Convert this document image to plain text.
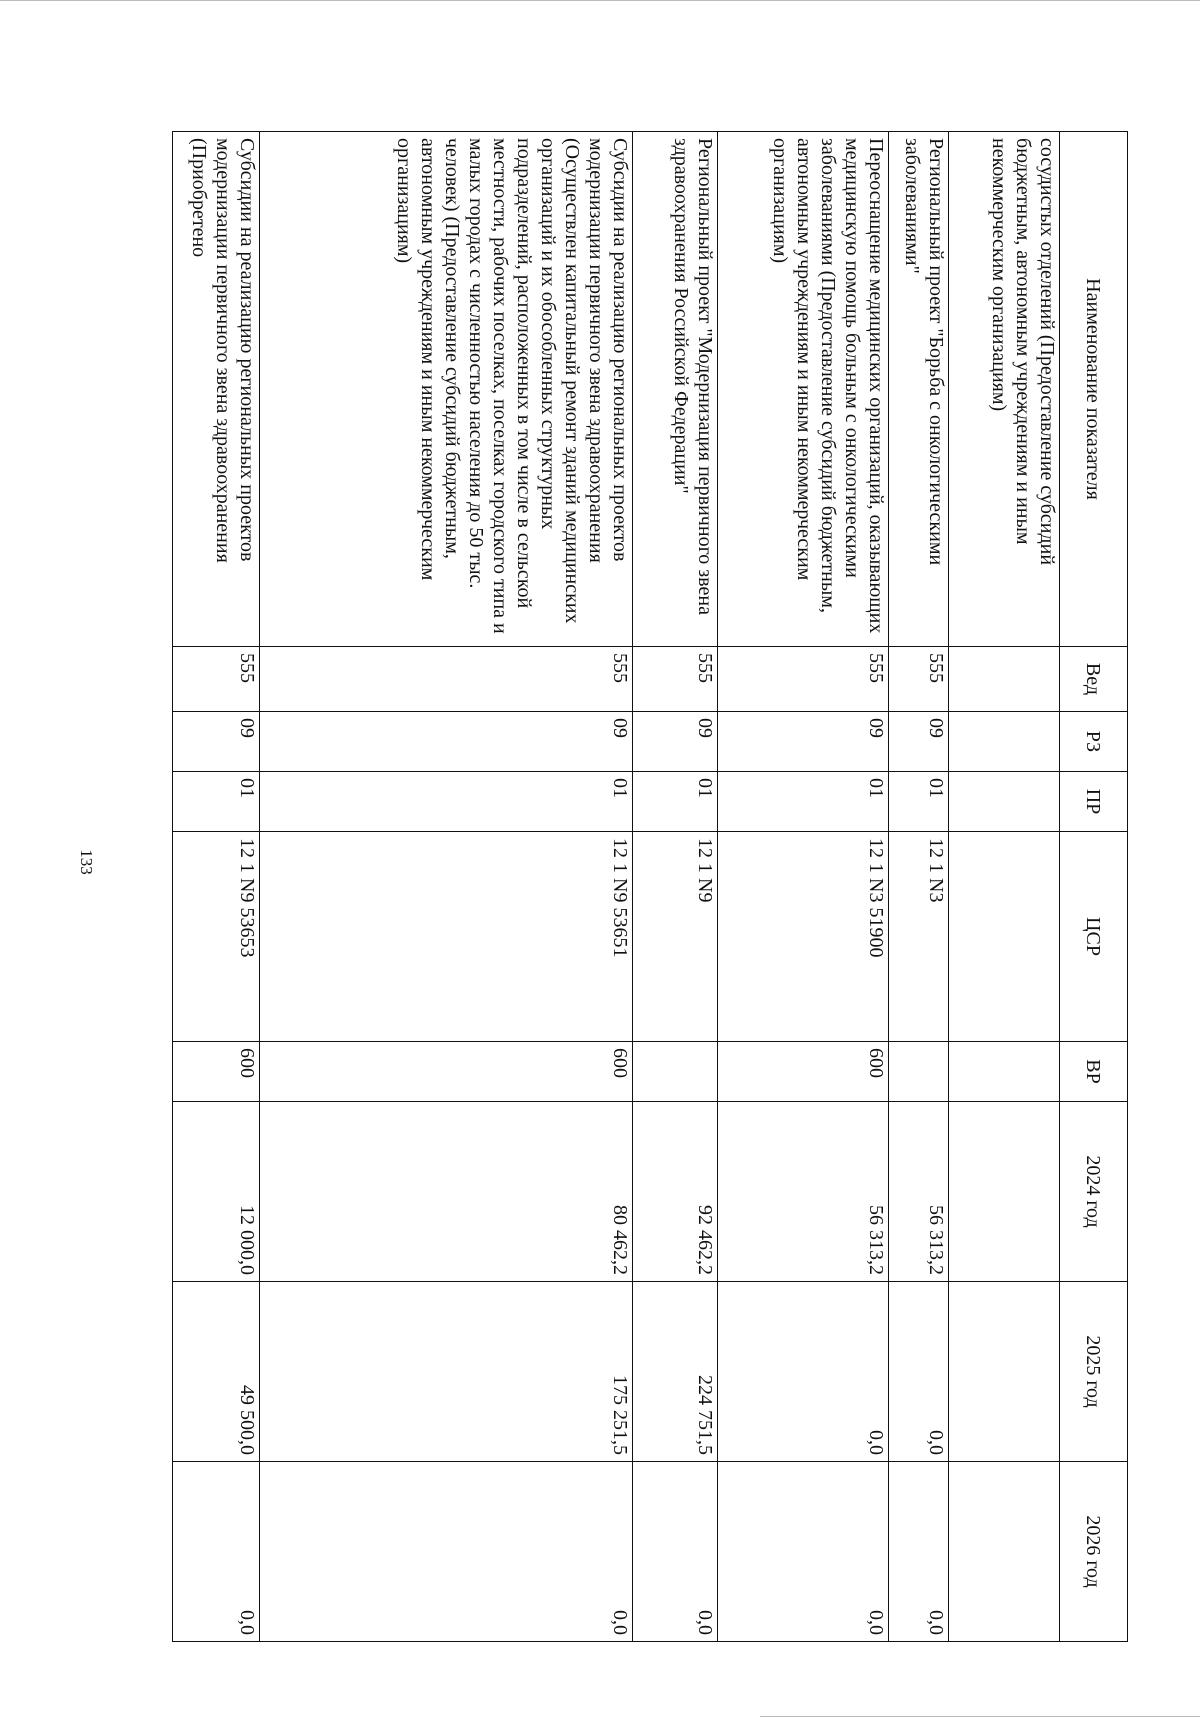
133
Наименование показателя	Вед	РЗ	ПР	ЦСР	ВР	2024 год	2025 год	2026 год
сосудистых отделений (Предоставление субсидий бюджетным, автономным учреждениям и иным некоммерческим организациям)								
Региональный проект "Борьба с онкологическими заболеваниями"	555	09	01	12 1 N3		56 313,2	0,0	0,0
Переоснащение медицинских организаций, оказывающих медицинскую помощь больным с онкологическими заболеваниями (Предоставление субсидий бюджетным, автономным учреждениям и иным некоммерческим организациям)	555	09	01	12 1 N3 51900	600	56 313,2	0,0	0,0
Региональный проект "Модернизация первичного звена здравоохранения Российской Федерации"	555	09	01	12 1 N9		92 462,2	224 751,5	0,0
Субсидии на реализацию региональных проектов модернизации первичного звена здравоохранения (Осуществлен капитальный ремонт зданий медицинских организаций и их обособленных структурных подразделений, расположенных в том числе в сельской местности, рабочих поселках, поселках городского типа и малых городах с численностью населения до 50 тыс. человек) (Предоставление субсидий бюджетным, автономным учреждениям и иным некоммерческим организациям)	555	09	01	12 1 N9 53651	600	80 462,2	175 251,5	0,0
Субсидии на реализацию региональных проектов модернизации первичного звена здравоохранения (Приобретено	555	09	01	12 1 N9 53653	600	12 000,0	49 500,0	0,0
